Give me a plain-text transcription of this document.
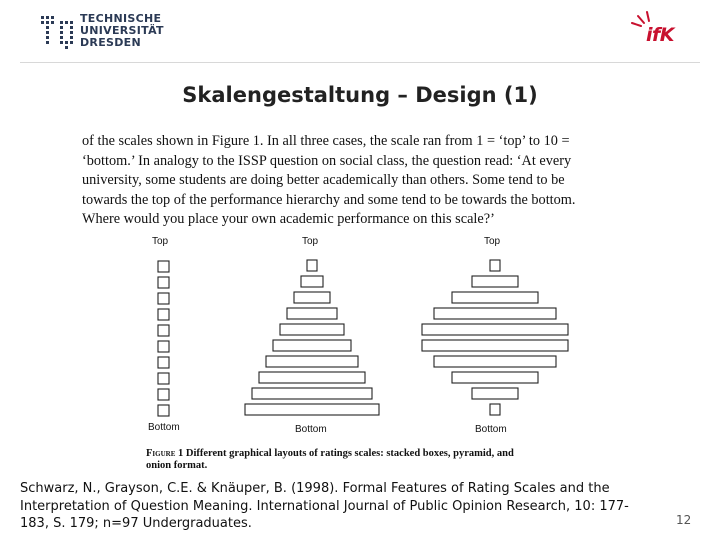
TECHNISCHE
UNIVERSITÄT
DRESDEN	ifK
Skalengestaltung – Design (1)
of the scales shown in Figure 1. In all three cases, the scale ran from 1 = ‘top’ to 10 =
‘bottom.’ In analogy to the ISSP question on social class, the question read: ‘At every
university, some students are doing better academically than others. Some tend to be
towards the top of the performance hierarchy and some tend to be towards the bottom.
Where would you place your own academic performance on this scale?’
Top	Top	Top
Bottom	Bottom	Bottom
Figure 1 Different graphical layouts of ratings scales: stacked boxes, pyramid, and
onion format.
Schwarz, N., Grayson, C.E. & Knäuper, B. (1998). Formal Features of Rating Scales and the
Interpretation of Question Meaning. International Journal of Public Opinion Research, 10: 177-
183, S. 179; n=97 Undergraduates.	12
